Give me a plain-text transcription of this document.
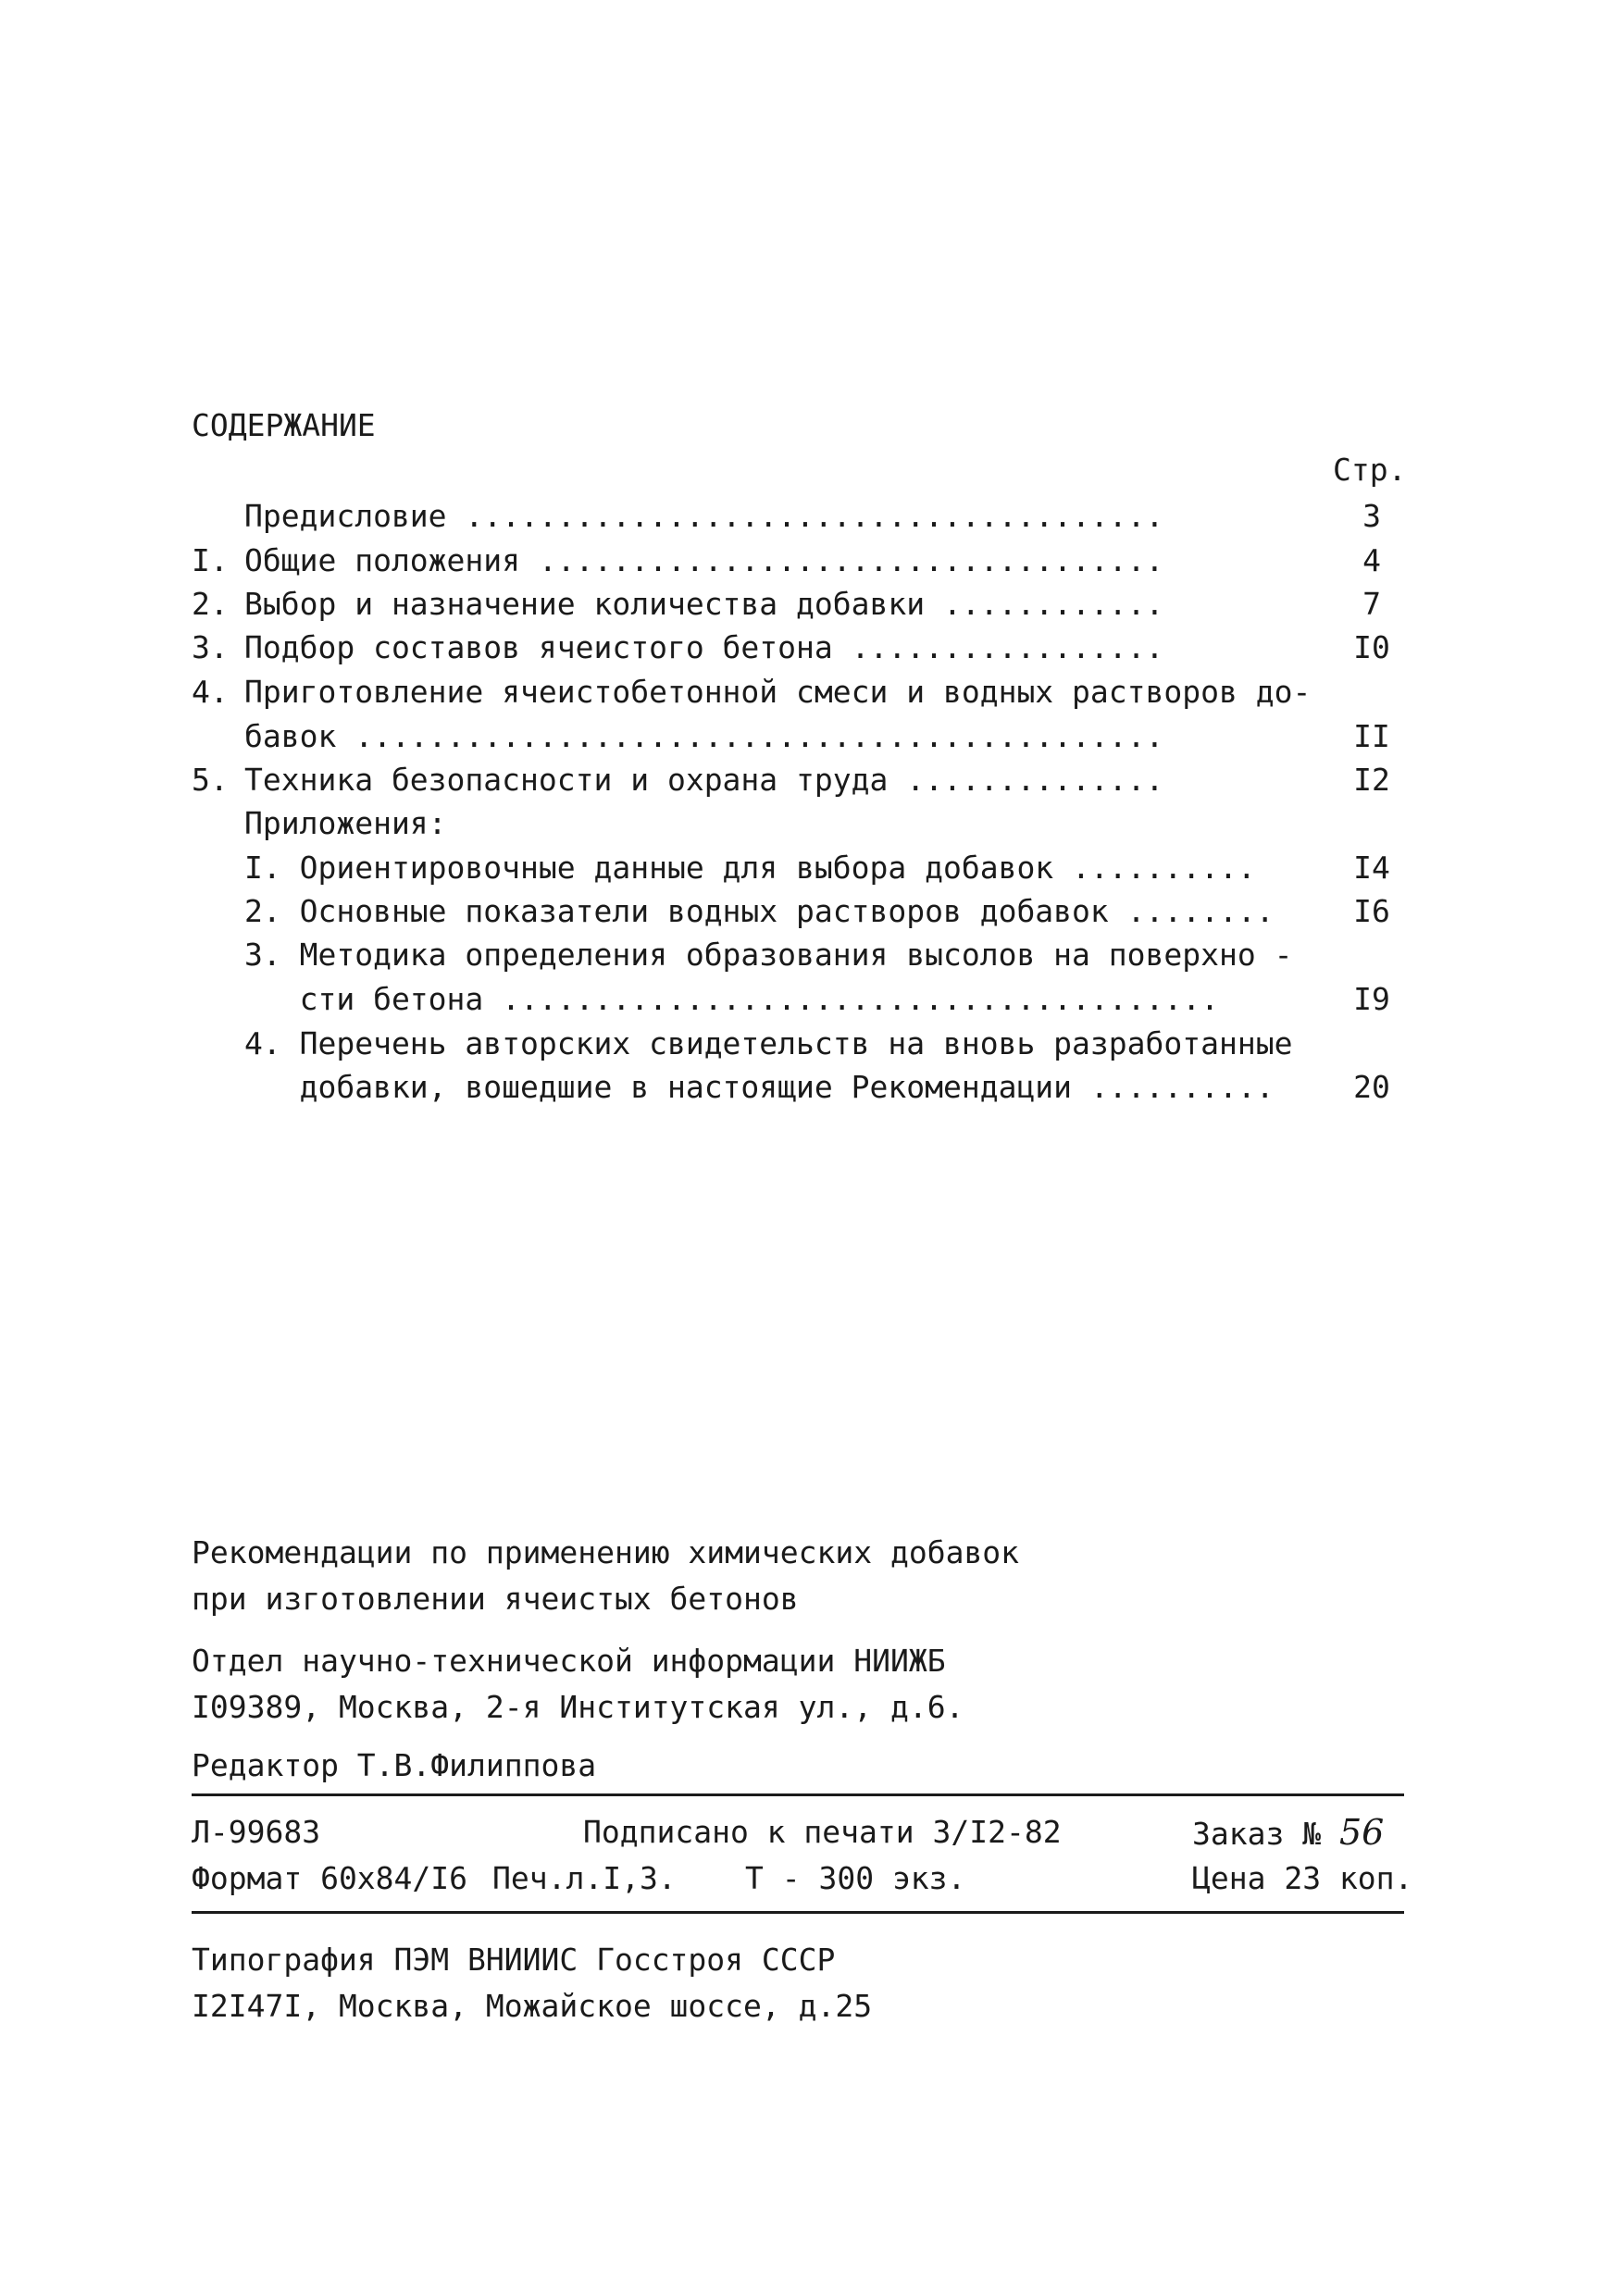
СОДЕРЖАНИЕ
Стр.
Предисловие ......................................	3
I. Общие положения ..................................	4
2. Выбор и назначение количества добавки ............	7
3. Подбор составов ячеистого бетона .................	I0
4. Приготовление ячеистобетонной смеси и водных растворов до-
бавок ............................................	II
5. Техника безопасности и охрана труда ..............	I2
Приложения:
I. Ориентировочные данные для выбора добавок ..........	I4
2. Основные показатели водных растворов добавок ........	I6
3. Методика определения образования высолов на поверхно -
сти бетона .......................................	I9
4. Перечень авторских свидетельств на вновь разработанные
добавки, вошедшие в настоящие Рекомендации ..........	20
Рекомендации по применению химических добавок
при изготовлении ячеистых бетонов
Отдел научно-технической информации НИИЖБ
I09389, Москва, 2-я Институтская ул., д.6.
Редактор Т.В.Филиппова
Л-99683	Подписано к печати 3/I2-82	Заказ № 56
Формат 60x84/I6 Печ.л.I,3. Т - 300 экз.	Цена 23 коп.
Типография ПЭМ ВНИИИС Госстроя СССР
I2I47I, Москва, Можайское шоссе, д.25
